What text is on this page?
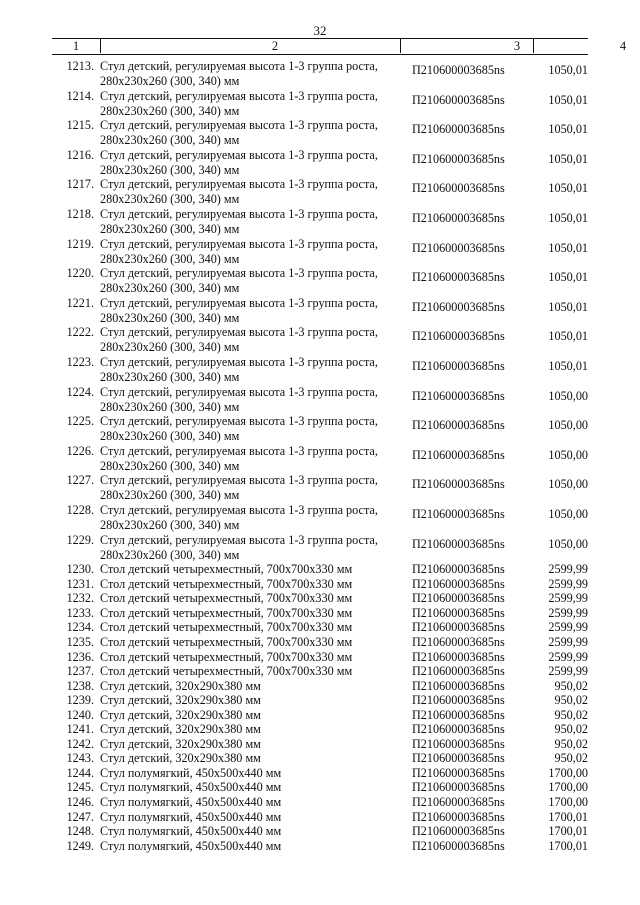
32
1	2	3	4
1213. Стул детский, регулируемая высота 1-3 группа роста, 280х230х260 (300, 340) мм
П210600003685ns	1050,01
1214. Стул детский, регулируемая высота 1-3 группа роста, 280х230х260 (300, 340) мм
П210600003685ns	1050,01
1215. Стул детский, регулируемая высота 1-3 группа роста, 280х230х260 (300, 340) мм
П210600003685ns	1050,01
1216. Стул детский, регулируемая высота 1-3 группа роста, 280х230х260 (300, 340) мм
П210600003685ns	1050,01
1217. Стул детский, регулируемая высота 1-3 группа роста, 280х230х260 (300, 340) мм
П210600003685ns	1050,01
1218. Стул детский, регулируемая высота 1-3 группа роста, 280х230х260 (300, 340) мм
П210600003685ns	1050,01
1219. Стул детский, регулируемая высота 1-3 группа роста, 280х230х260 (300, 340) мм
П210600003685ns	1050,01
1220. Стул детский, регулируемая высота 1-3 группа роста, 280х230х260 (300, 340) мм
П210600003685ns	1050,01
1221. Стул детский, регулируемая высота 1-3 группа роста, 280х230х260 (300, 340) мм
П210600003685ns	1050,01
1222. Стул детский, регулируемая высота 1-3 группа роста, 280х230х260 (300, 340) мм
П210600003685ns	1050,01
1223. Стул детский, регулируемая высота 1-3 группа роста, 280х230х260 (300, 340) мм
П210600003685ns	1050,01
1224. Стул детский, регулируемая высота 1-3 группа роста, 280х230х260 (300, 340) мм
П210600003685ns	1050,00
1225. Стул детский, регулируемая высота 1-3 группа роста, 280х230х260 (300, 340) мм
П210600003685ns	1050,00
1226. Стул детский, регулируемая высота 1-3 группа роста, 280х230х260 (300, 340) мм
П210600003685ns	1050,00
1227. Стул детский, регулируемая высота 1-3 группа роста, 280х230х260 (300, 340) мм
П210600003685ns	1050,00
1228. Стул детский, регулируемая высота 1-3 группа роста, 280х230х260 (300, 340) мм
П210600003685ns	1050,00
1229. Стул детский, регулируемая высота 1-3 группа роста, 280х230х260 (300, 340) мм
П210600003685ns	1050,00
1230. Стол детский четырехместный, 700х700х330 мм	П210600003685ns	2599,99
1231. Стол детский четырехместный, 700х700х330 мм	П210600003685ns	2599,99
1232. Стол детский четырехместный, 700х700х330 мм	П210600003685ns	2599,99
1233. Стол детский четырехместный, 700х700х330 мм	П210600003685ns	2599,99
1234. Стол детский четырехместный, 700х700х330 мм	П210600003685ns	2599,99
1235. Стол детский четырехместный, 700х700х330 мм	П210600003685ns	2599,99
1236. Стол детский четырехместный, 700х700х330 мм	П210600003685ns	2599,99
1237. Стол детский четырехместный, 700х700х330 мм	П210600003685ns	2599,99
1238. Стул детский, 320х290х380 мм	П210600003685ns	950,02
1239. Стул детский, 320х290х380 мм	П210600003685ns	950,02
1240. Стул детский, 320х290х380 мм	П210600003685ns	950,02
1241. Стул детский, 320х290х380 мм	П210600003685ns	950,02
1242. Стул детский, 320х290х380 мм	П210600003685ns	950,02
1243. Стул детский, 320х290х380 мм	П210600003685ns	950,02
1244. Стул полумягкий, 450х500х440 мм	П210600003685ns	1700,00
1245. Стул полумягкий, 450х500х440 мм	П210600003685ns	1700,00
1246. Стул полумягкий, 450х500х440 мм	П210600003685ns	1700,00
1247. Стул полумягкий, 450х500х440 мм	П210600003685ns	1700,01
1248. Стул полумягкий, 450х500х440 мм	П210600003685ns	1700,01
1249. Стул полумягкий, 450х500х440 мм	П210600003685ns	1700,01
